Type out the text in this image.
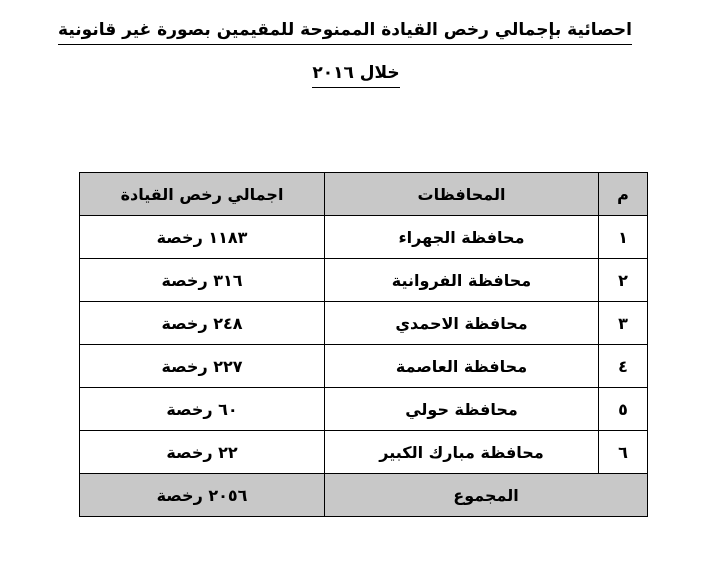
احصائية بإجمالي رخص القيادة الممنوحة للمقيمين بصورة غير قانونية
خلال ٢٠١٦
م	المحافظات	اجمالي رخص القيادة
١	محافظة الجهراء	١١٨٣ رخصة
٢	محافظة الفروانية	٣١٦ رخصة
٣	محافظة الاحمدي	٢٤٨ رخصة
٤	محافظة العاصمة	٢٢٧ رخصة
٥	محافظة حولي	٦٠ رخصة
٦	محافظة مبارك الكبير	٢٢ رخصة
المجموع		٢٠٥٦ رخصة
